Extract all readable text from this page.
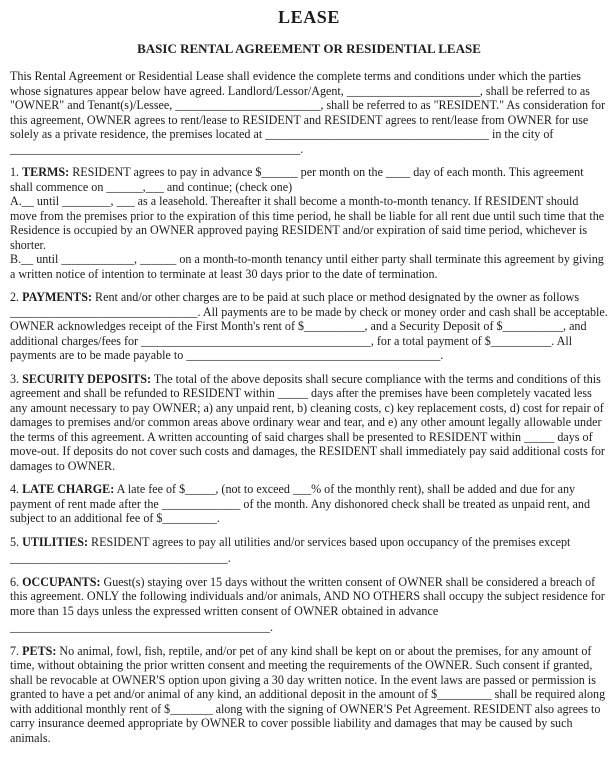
LEASE
BASIC RENTAL AGREEMENT OR RESIDENTIAL LEASE

This Rental Agreement or Residential Lease shall evidence the complete terms and conditions under which the parties whose signatures appear below have agreed. Landlord/Lessor/Agent, ______________________, shall be referred to as "OWNER" and Tenant(s)/Lessee, ________________________, shall be referred to as "RESIDENT." As consideration for this agreement, OWNER agrees to rent/lease to RESIDENT and RESIDENT agrees to rent/lease from OWNER for use solely as a private residence, the premises located at _____________________________________ in the city of ________________________________________________.

1. TERMS: RESIDENT agrees to pay in advance $______ per month on the ____ day of each month. This agreement shall commence on ______,___ and continue; (check one)

A.__ until ________, ___ as a leasehold. Thereafter it shall become a month-to-month tenancy. If RESIDENT should move from the premises prior to the expiration of this time period, he shall be liable for all rent due until such time that the Residence is occupied by an OWNER approved paying RESIDENT and/or expiration of said time period, whichever is shorter.
B.__ until ____________, ______ on a month-to-month tenancy until either party shall terminate this agreement by giving a written notice of intention to terminate at least 30 days prior to the date of termination.

2. PAYMENTS: Rent and/or other charges are to be paid at such place or method designated by the owner as follows _______________________________. All payments are to be made by check or money order and cash shall be acceptable. OWNER acknowledges receipt of the First Month's rent of $__________, and a Security Deposit of $__________, and additional charges/fees for ______________________________________, for a total payment of $__________. All payments are to be made payable to __________________________________________.

3. SECURITY DEPOSITS: The total of the above deposits shall secure compliance with the terms and conditions of this agreement and shall be refunded to RESIDENT within _____ days after the premises have been completely vacated less any amount necessary to pay OWNER; a) any unpaid rent, b) cleaning costs, c) key replacement costs, d) cost for repair of damages to premises and/or common areas above ordinary wear and tear, and e) any other amount legally allowable under the terms of this agreement. A written accounting of said charges shall be presented to RESIDENT within _____ days of move-out. If deposits do not cover such costs and damages, the RESIDENT shall immediately pay said additional costs for damages to OWNER.

4. LATE CHARGE: A late fee of $_____, (not to exceed ___% of the monthly rent), shall be added and due for any payment of rent made after the _____________ of the month. Any dishonored check shall be treated as unpaid rent, and subject to an additional fee of $_________.

5. UTILITIES: RESIDENT agrees to pay all utilities and/or services based upon occupancy of the premises except

____________________________________.

6. OCCUPANTS: Guest(s) staying over 15 days without the written consent of OWNER shall be considered a breach of this agreement. ONLY the following individuals and/or animals, AND NO OTHERS shall occupy the subject residence for more than 15 days unless the expressed written consent of OWNER obtained in advance

___________________________________________.

7. PETS: No animal, fowl, fish, reptile, and/or pet of any kind shall be kept on or about the premises, for any amount of time, without obtaining the prior written consent and meeting the requirements of the OWNER. Such consent if granted, shall be revocable at OWNER'S option upon giving a 30 day written notice. In the event laws are passed or permission is granted to have a pet and/or animal of any kind, an additional deposit in the amount of $_________ shall be required along with additional monthly rent of $_______ along with the signing of OWNER'S Pet Agreement. RESIDENT also agrees to carry insurance deemed appropriate by OWNER to cover possible liability and damages that may be caused by such animals.
